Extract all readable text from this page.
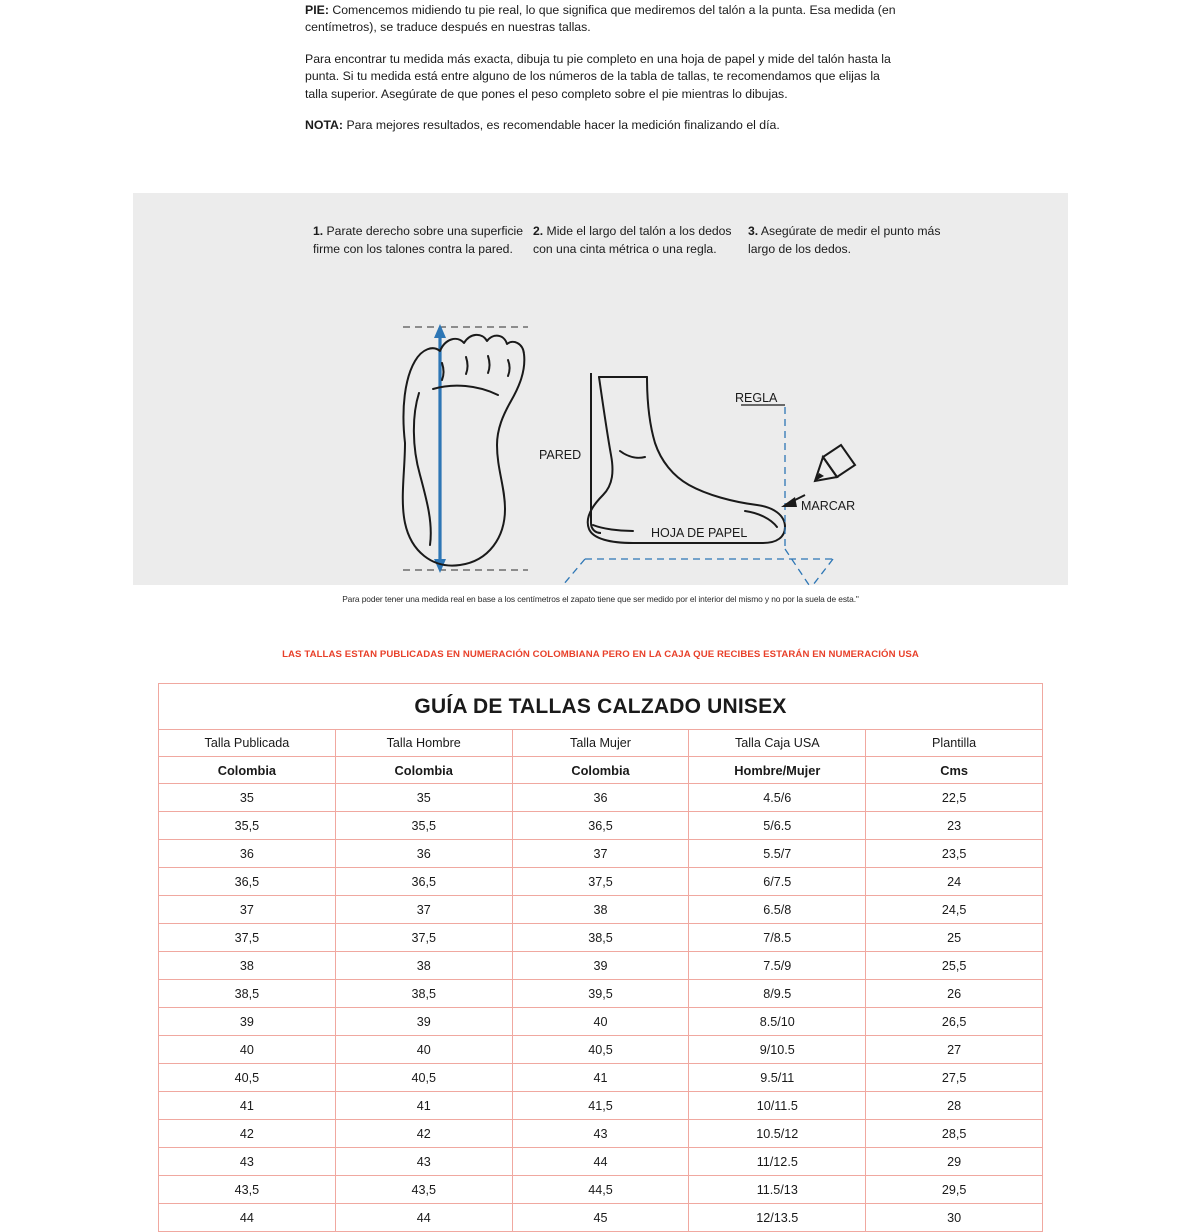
PIE: Comencemos midiendo tu pie real, lo que significa que mediremos del talón a la punta. Esa medida (en centímetros), se traduce después en nuestras tallas.

Para encontrar tu medida más exacta, dibuja tu pie completo en una hoja de papel y mide del talón hasta la punta. Si tu medida está entre alguno de los números de la tabla de tallas, te recomendamos que elijas la talla superior. Asegúrate de que pones el peso completo sobre el pie mientras lo dibujas.

NOTA: Para mejores resultados, es recomendable hacer la medición finalizando el día.

1. Parate derecho sobre una superficie firme con los talones contra la pared.
2. Mide el largo del talón a los dedos con una cinta métrica o una regla.
3. Asegúrate de medir el punto más largo de los dedos.
PARED
REGLA
MARCAR
HOJA DE PAPEL
Para poder tener una medida real en base a los centímetros el zapato tiene que ser medido por el interior del mismo y no por la suela de esta."
LAS TALLAS ESTAN PUBLICADAS EN NUMERACIÓN COLOMBIANA PERO EN LA CAJA QUE RECIBES ESTARÁN EN NUMERACIÓN USA
GUÍA DE TALLAS CALZADO UNISEX				
Talla Publicada	Talla Hombre	Talla Mujer	Talla Caja USA	Plantilla
Colombia	Colombia	Colombia	Hombre/Mujer	Cms
35	35	36	4.5/6	22,5
35,5	35,5	36,5	5/6.5	23
36	36	37	5.5/7	23,5
36,5	36,5	37,5	6/7.5	24
37	37	38	6.5/8	24,5
37,5	37,5	38,5	7/8.5	25
38	38	39	7.5/9	25,5
38,5	38,5	39,5	8/9.5	26
39	39	40	8.5/10	26,5
40	40	40,5	9/10.5	27
40,5	40,5	41	9.5/11	27,5
41	41	41,5	10/11.5	28
42	42	43	10.5/12	28,5
43	43	44	11/12.5	29
43,5	43,5	44,5	11.5/13	29,5
44	44	45	12/13.5	30
